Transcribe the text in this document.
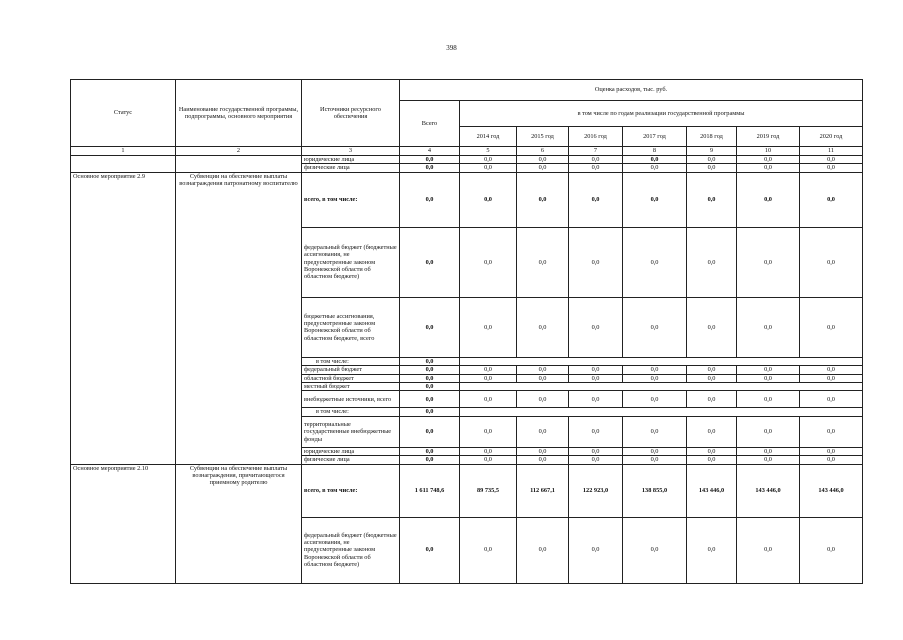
398
Статус	Наименование государственной программы, подпрограммы, основного мероприятия	Источники ресурсного обеспечения	Оценка расходов, тыс. руб.							
			Всего	в том числе по годам реализации государственной программы						
				2014 год	2015 год	2016 год	2017 год	2018 год	2019 год	2020 год
1	2	3	4	5	6	7	8	9	10	11
		юридические лица	0,0	0,0	0,0	0,0	0,0	0,0	0,0	0,0
		физические лица	0,0	0,0	0,0	0,0	0,0	0,0	0,0	0,0
Основное мероприятие 2.9	Субвенции на обеспечение выплаты вознаграждения патронатному воспитателю	всего, в том числе:	0,0	0,0	0,0	0,0	0,0	0,0	0,0	0,0
		федеральный бюджет (бюджетные ассигнования, не предусмотренные законом Воронежской области об областном бюджете)	0,0	0,0	0,0	0,0	0,0	0,0	0,0	0,0
		бюджетные ассигнования, предусмотренные законом Воронежской области об областном бюджете, всего	0,0	0,0	0,0	0,0	0,0	0,0	0,0	0,0
		в том числе:	0,0							
		федеральный бюджет	0,0	0,0	0,0	0,0	0,0	0,0	0,0	0,0
		областной бюджет	0,0	0,0	0,0	0,0	0,0	0,0	0,0	0,0
		местный бюджет	0,0							
		внебюджетные источники, всего	0,0	0,0	0,0	0,0	0,0	0,0	0,0	0,0
		в том числе:	0,0							
		территориальные государственные внебюджетные фонды	0,0	0,0	0,0	0,0	0,0	0,0	0,0	0,0
		юридические лица	0,0	0,0	0,0	0,0	0,0	0,0	0,0	0,0
		физические лица	0,0	0,0	0,0	0,0	0,0	0,0	0,0	0,0
Основное мероприятие 2.10	Субвенции на обеспечение выплаты вознаграждения, причитающегося приемному родителю	всего, в том числе:	1 611 748,6	89 735,5	112 667,1	122 923,0	138 855,0	143 446,0	143 446,0	143 446,0
		федеральный бюджет (бюджетные ассигнования, не предусмотренные законом Воронежской области об областном бюджете)	0,0	0,0	0,0	0,0	0,0	0,0	0,0	0,0
